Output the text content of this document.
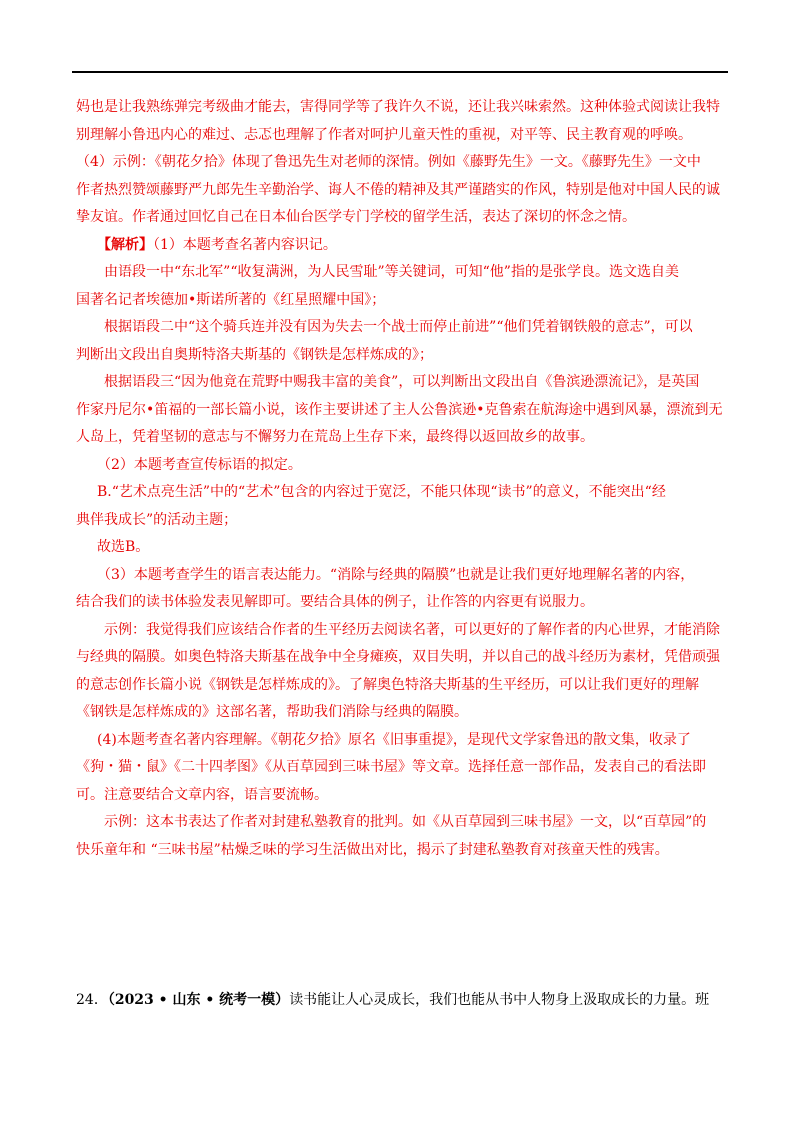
妈也是让我熟练弹完考级曲才能去，害得同学等了我许久不说，还让我兴味索然。这种体验式阅读让我特

别理解小鲁迅内心的难过、忐忑也理解了作者对呵护儿童天性的重视，对平等、民主教育观的呼唤。

（4）示例：《朝花夕拾》体现了鲁迅先生对老师的深情。例如《藤野先生》一文。《藤野先生》一文中

作者热烈赞颂藤野严九郎先生辛勤治学、诲人不倦的精神及其严谨踏实的作风，特别是他对中国人民的诚

挚友谊。作者通过回忆自己在日本仙台医学专门学校的留学生活，表达了深切的怀念之情。

【解析】（1）本题考查名著内容识记。

由语段一中“东北军”“收复满洲，为人民雪耻”等关键词，可知“他”指的是张学良。选文选自美

国著名记者埃德加•斯诺所著的《红星照耀中国》；

根据语段二中“这个骑兵连并没有因为失去一个战士而停止前进”“他们凭着钢铁般的意志”，可以

判断出文段出自奥斯特洛夫斯基的《钢铁是怎样炼成的》；

根据语段三“因为他竟在荒野中赐我丰富的美食”，可以判断出文段出自《鲁滨逊漂流记》，是英国

作家丹尼尔•笛福的一部长篇小说，该作主要讲述了主人公鲁滨逊•克鲁索在航海途中遇到风暴，漂流到无

人岛上，凭着坚韧的意志与不懈努力在荒岛上生存下来，最终得以返回故乡的故事。

（2）本题考查宣传标语的拟定。

B.“艺术点亮生活”中的“艺术”包含的内容过于宽泛，不能只体现“读书”的意义，不能突出“经

典伴我成长”的活动主题；

故选B。

（3）本题考查学生的语言表达能力。“消除与经典的隔膜”也就是让我们更好地理解名著的内容，

结合我们的读书体验发表见解即可。要结合具体的例子，让作答的内容更有说服力。

示例：我觉得我们应该结合作者的生平经历去阅读名著，可以更好的了解作者的内心世界，才能消除

与经典的隔膜。如奥色特洛夫斯基在战争中全身瘫痪，双目失明，并以自己的战斗经历为素材，凭借顽强

的意志创作长篇小说《钢铁是怎样炼成的》。了解奥色特洛夫斯基的生平经历，可以让我们更好的理解

《钢铁是怎样炼成的》这部名著，帮助我们消除与经典的隔膜。

(4)本题考查名著内容理解。《朝花夕拾》原名《旧事重提》，是现代文学家鲁迅的散文集，收录了

《狗・猫・鼠》《二十四孝图》《从百草园到三味书屋》等文章。选择任意一部作品，发表自己的看法即

可。注意要结合文章内容，语言要流畅。

示例：这本书表达了作者对封建私塾教育的批判。如《从百草园到三味书屋》一文，以“百草园”的

快乐童年和 “三味书屋”枯燥乏味的学习生活做出对比，揭示了封建私塾教育对孩童天性的残害。

24．（2023 • 山东 • 统考一模）读书能让人心灵成长，我们也能从书中人物身上汲取成长的力量。班
